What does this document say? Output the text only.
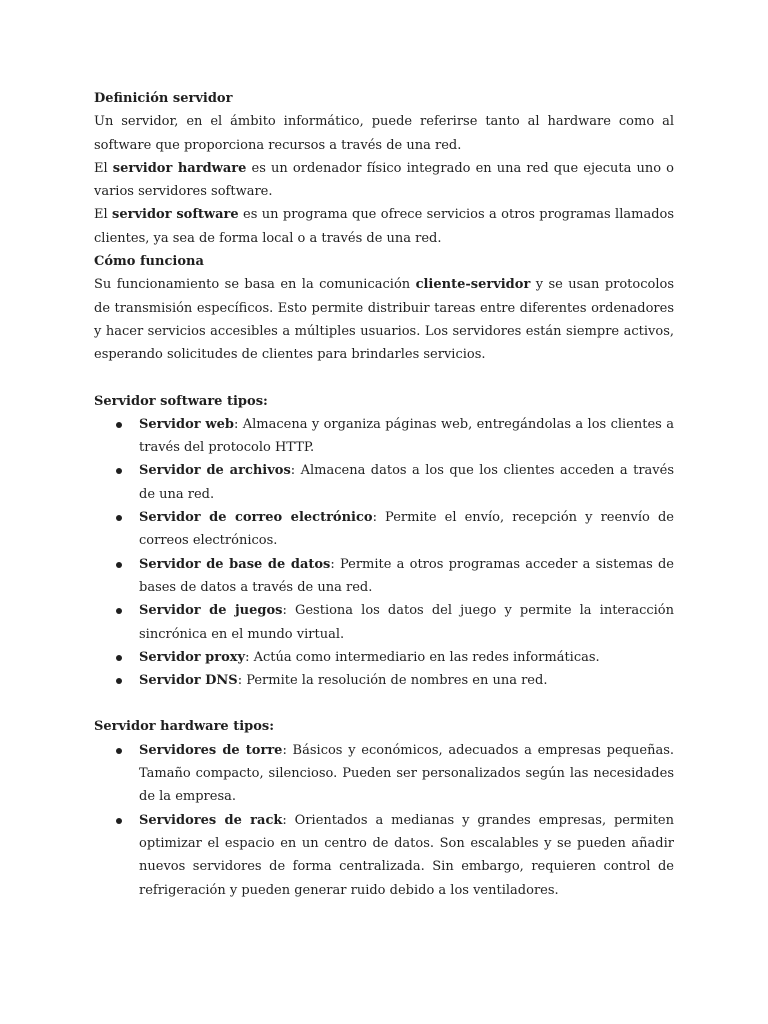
Definición servidor

Un servidor, en el ámbito informático, puede referirse tanto al hardware como al software que proporciona recursos a través de una red.

El servidor hardware es un ordenador físico integrado en una red que ejecuta uno o varios servidores software.

El servidor software es un programa que ofrece servicios a otros programas llamados clientes, ya sea de forma local o a través de una red.

Cómo funciona

Su funcionamiento se basa en la comunicación cliente-servidor y se usan protocolos de transmisión específicos. Esto permite distribuir tareas entre diferentes ordenadores y hacer servicios accesibles a múltiples usuarios. Los servidores están siempre activos, esperando solicitudes de clientes para brindarles servicios.

Servidor software tipos:

Servidor web: Almacena y organiza páginas web, entregándolas a los clientes a través del protocolo HTTP.
Servidor de archivos: Almacena datos a los que los clientes acceden a través de una red.
Servidor de correo electrónico: Permite el envío, recepción y reenvío de correos electrónicos.
Servidor de base de datos: Permite a otros programas acceder a sistemas de bases de datos a través de una red.
Servidor de juegos: Gestiona los datos del juego y permite la interacción sincrónica en el mundo virtual.
Servidor proxy: Actúa como intermediario en las redes informáticas.
Servidor DNS: Permite la resolución de nombres en una red.

Servidor hardware tipos:

Servidores de torre: Básicos y económicos, adecuados a empresas pequeñas. Tamaño compacto, silencioso. Pueden ser personalizados según las necesidades de la empresa.
Servidores de rack: Orientados a medianas y grandes empresas, permiten optimizar el espacio en un centro de datos. Son escalables y se pueden añadir nuevos servidores de forma centralizada. Sin embargo, requieren control de refrigeración y pueden generar ruido debido a los ventiladores.
